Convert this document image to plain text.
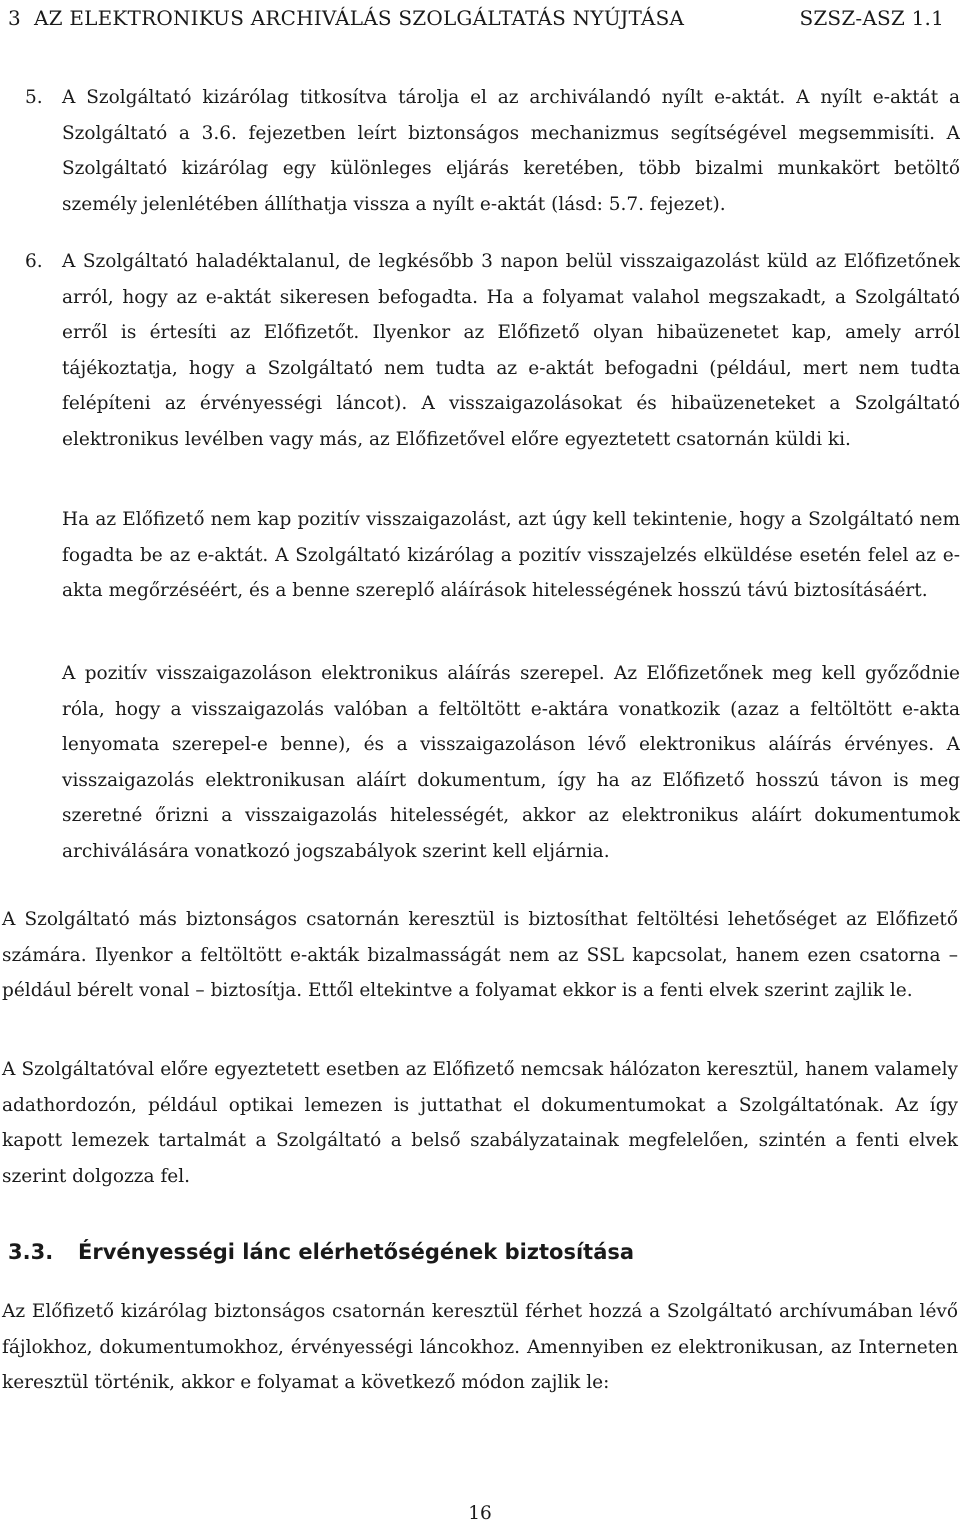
3  AZ ELEKTRONIKUS ARCHIVÁLÁS SZOLGÁLTATÁS NYÚJTÁSA	SZSZ-ASZ 1.1
5.	A Szolgáltató kizárólag titkosítva tárolja el az archiválandó nyílt e-aktát. A nyílt e-aktát a Szolgáltató a 3.6. fejezetben leírt biztonságos mechanizmus segítségével megsemmisíti. A Szolgáltató kizárólag egy különleges eljárás keretében, több bizalmi munkakört betöltő személy jelenlétében állíthatja vissza a nyílt e-aktát (lásd: 5.7. fejezet).
6.	A Szolgáltató haladéktalanul, de legkésőbb 3 napon belül visszaigazolást küld az Előfizetőnek arról, hogy az e-aktát sikeresen befogadta. Ha a folyamat valahol megszakadt, a Szolgáltató erről is értesíti az Előfizetőt. Ilyenkor az Előfizető olyan hibaüzenetet kap, amely arról tájékoztatja, hogy a Szolgáltató nem tudta az e-aktát befogadni (például, mert nem tudta felépíteni az érvényességi láncot). A visszaigazolásokat és hibaüzeneteket a Szolgáltató elektronikus levélben vagy más, az Előfizetővel előre egyeztetett csatornán küldi ki.

Ha az Előfizető nem kap pozitív visszaigazolást, azt úgy kell tekintenie, hogy a Szolgáltató nem fogadta be az e-aktát. A Szolgáltató kizárólag a pozitív visszajelzés elküldése esetén felel az e-akta megőrzéséért, és a benne szereplő aláírások hitelességének hosszú távú biztosításáért.

A pozitív visszaigazoláson elektronikus aláírás szerepel. Az Előfizetőnek meg kell győződnie róla, hogy a visszaigazolás valóban a feltöltött e-aktára vonatkozik (azaz a feltöltött e-akta lenyomata szerepel-e benne), és a visszaigazoláson lévő elektronikus aláírás érvényes. A visszaigazolás elektronikusan aláírt dokumentum, így ha az Előfizető hosszú távon is meg szeretné őrizni a visszaigazolás hitelességét, akkor az elektronikus aláírt dokumentumok archiválására vonatkozó jogszabályok szerint kell eljárnia.

A Szolgáltató más biztonságos csatornán keresztül is biztosíthat feltöltési lehetőséget az Előfizető számára. Ilyenkor a feltöltött e-akták bizalmasságát nem az SSL kapcsolat, hanem ezen csatorna – például bérelt vonal – biztosítja. Ettől eltekintve a folyamat ekkor is a fenti elvek szerint zajlik le.

A Szolgáltatóval előre egyeztetett esetben az Előfizető nemcsak hálózaton keresztül, hanem valamely adathordozón, például optikai lemezen is juttathat el dokumentumokat a Szolgáltatónak. Az így kapott lemezek tartalmát a Szolgáltató a belső szabályzatainak megfelelően, szintén a fenti elvek szerint dolgozza fel.

3.3. Érvényességi lánc elérhetőségének biztosítása

Az Előfizető kizárólag biztonságos csatornán keresztül férhet hozzá a Szolgáltató archívumában lévő fájlokhoz, dokumentumokhoz, érvényességi láncokhoz. Amennyiben ez elektronikusan, az Interneten keresztül történik, akkor e folyamat a következő módon zajlik le:

16
